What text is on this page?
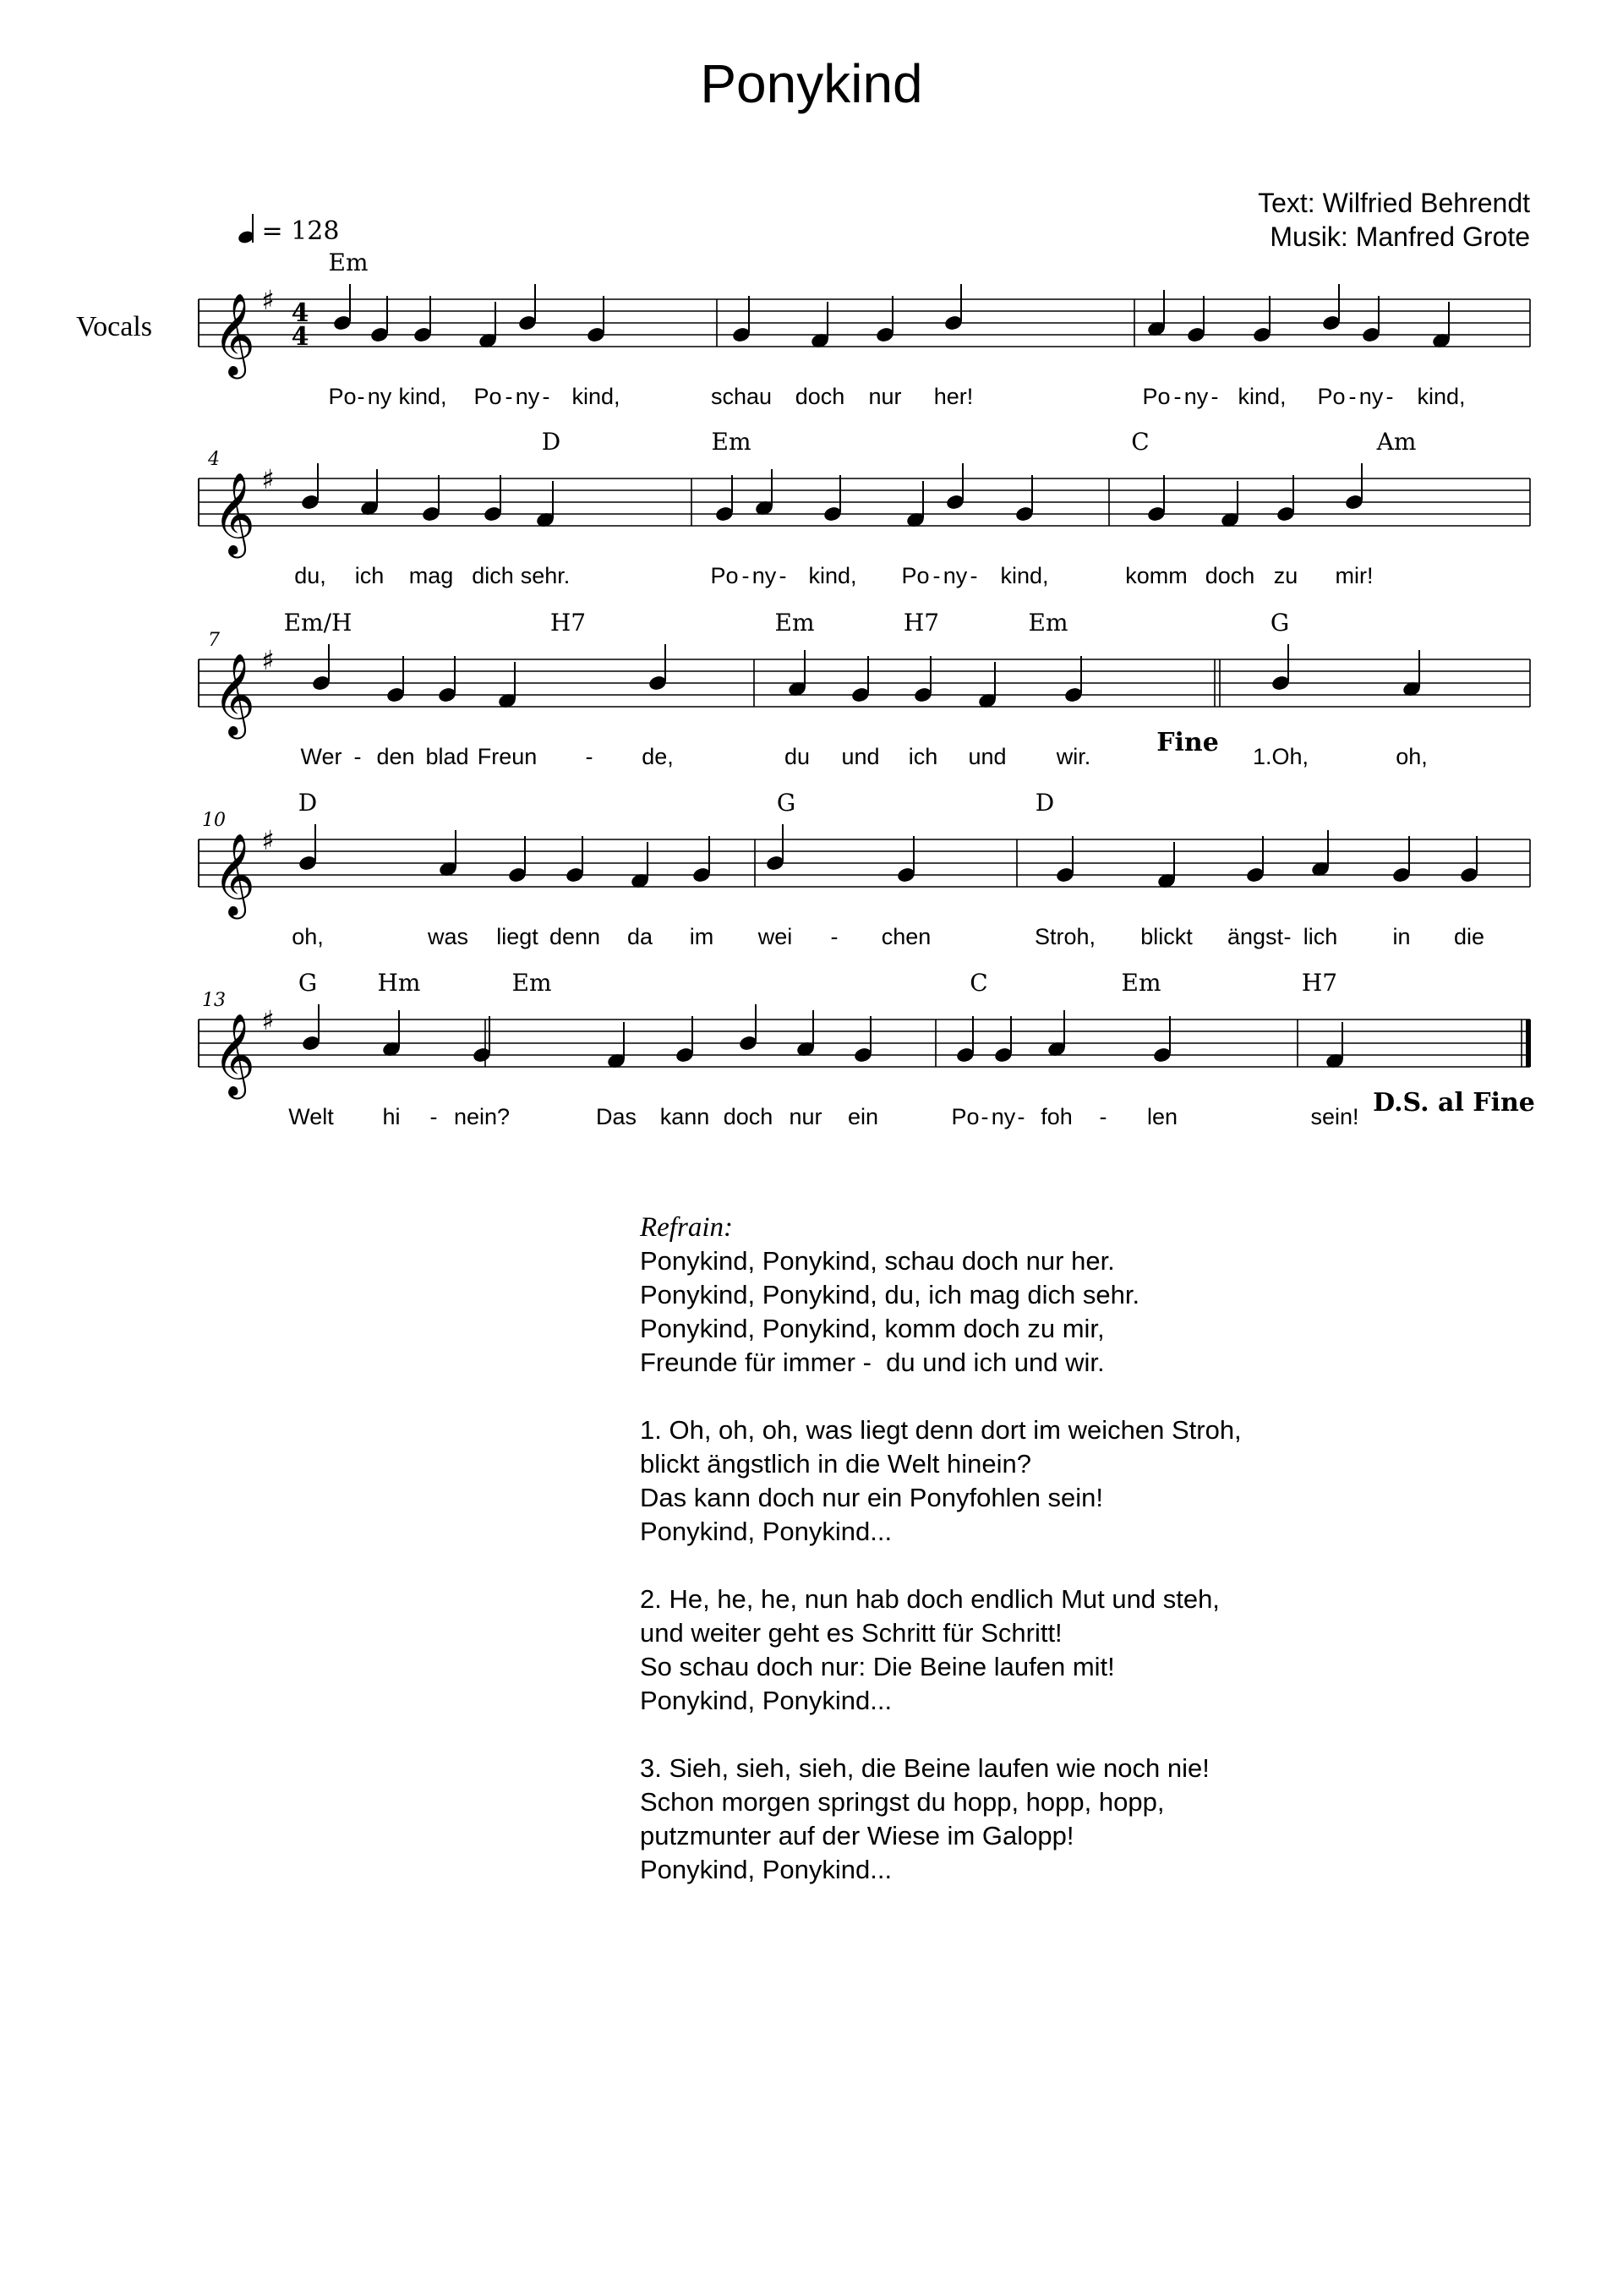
Ponykind
Text: Wilfried Behrendt
Musik: Manfred Grote
= 128
Vocals 𝄞 ♯ 4
4
Em
Po - ny kind, Po - ny - kind,	schau doch nur her!	Po - ny - kind, Po - ny - kind,
𝄞 ♯
4
D	Em	C	Am
du, ich mag dich sehr.	Po - ny - kind, Po - ny - kind,	komm doch zu mir!
𝄞 ♯
7
Em/H	H7	Em	H7	Em	G
Wer - den blad Freun - de,	du und ich und wir.	1.Oh,	oh,
Fine
𝄞 ♯
10
D	G	D
oh,	was liegt denn da im wei - chen	Stroh, blickt ängst - lich in die
𝄞 ♯
13
G	Hm	Em	C	Em	H7
Welt hi - nein?	Das kann doch nur ein	Po - ny - foh - len	sein! D.S. al Fine
Refrain:
Ponykind, Ponykind, schau doch nur her.
Ponykind, Ponykind, du, ich mag dich sehr.
Ponykind, Ponykind, komm doch zu mir,
Freunde für immer -  du und ich und wir.
1. Oh, oh, oh, was liegt denn dort im weichen Stroh,
blickt ängstlich in die Welt hinein?
Das kann doch nur ein Ponyfohlen sein!
Ponykind, Ponykind...
2. He, he, he, nun hab doch endlich Mut und steh,
und weiter geht es Schritt für Schritt!
So schau doch nur: Die Beine laufen mit!
Ponykind, Ponykind...
3. Sieh, sieh, sieh, die Beine laufen wie noch nie!
Schon morgen springst du hopp, hopp, hopp,
putzmunter auf der Wiese im Galopp!
Ponykind, Ponykind...
